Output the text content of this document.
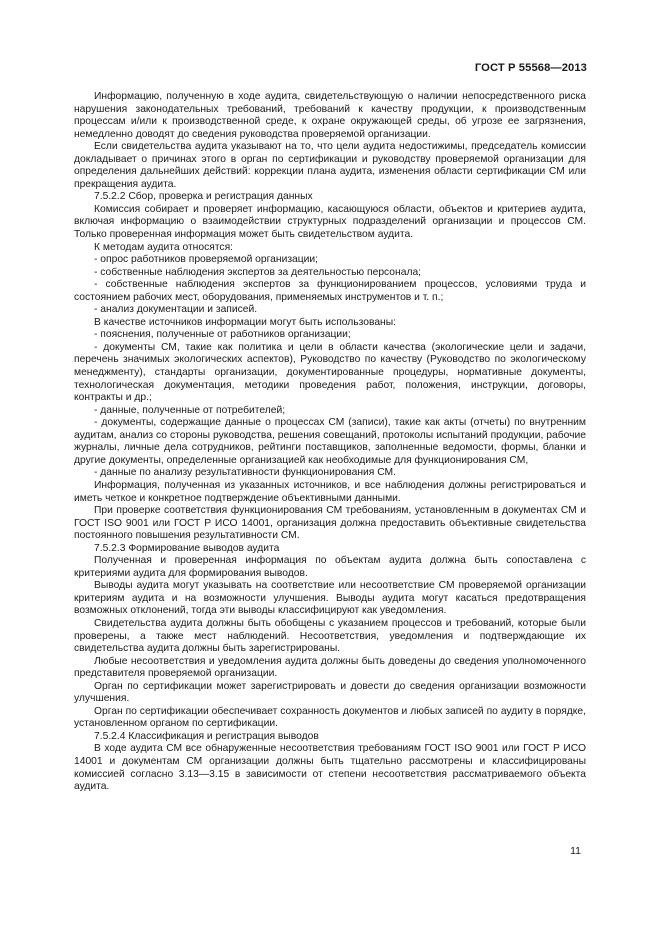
ГОСТ Р 55568—2013

Информацию, полученную в ходе аудита, свидетельствующую о наличии непосредственного риска нарушения законодательных требований, требований к качеству продукции, к производственным процессам и/или к производственной среде, к охране окружающей среды, об угрозе ее загрязнения, немедленно доводят до сведения руководства проверяемой организации.

Если свидетельства аудита указывают на то, что цели аудита недостижимы, председатель комиссии докладывает о причинах этого в орган по сертификации и руководству проверяемой организации для определения дальнейших действий: коррекции плана аудита, изменения области сертификации СМ или прекращения аудита.

7.5.2.2 Сбор, проверка и регистрация данных

Комиссия собирает и проверяет информацию, касающуюся области, объектов и критериев аудита, включая информацию о взаимодействии структурных подразделений организации и процессов СМ. Только проверенная информация может быть свидетельством аудита.

К методам аудита относятся:

- опрос работников проверяемой организации;

- собственные наблюдения экспертов за деятельностью персонала;

- собственные наблюдения экспертов за функционированием процессов, условиями труда и состоянием рабочих мест, оборудования, применяемых инструментов и т. п.;

- анализ документации и записей.

В качестве источников информации могут быть использованы:

- пояснения, полученные от работников организации;

- документы СМ, такие как политика и цели в области качества (экологические цели и задачи, перечень значимых экологических аспектов), Руководство по качеству (Руководство по экологическому менеджменту), стандарты организации, документированные процедуры, нормативные документы, технологическая документация, методики проведения работ, положения, инструкции, договоры, контракты и др.;

- данные, полученные от потребителей;

- документы, содержащие данные о процессах СМ (записи), такие как акты (отчеты) по внутренним аудитам, анализ со стороны руководства, решения совещаний, протоколы испытаний продукции, рабочие журналы, личные дела сотрудников, рейтинги поставщиков, заполненные ведомости, формы, бланки и другие документы, определенные организацией как необходимые для функционирования СМ,

- данные по анализу результативности функционирования СМ.

Информация, полученная из указанных источников, и все наблюдения должны регистрироваться и иметь четкое и конкретное подтверждение объективными данными.

При проверке соответствия функционирования СМ требованиям, установленным в документах СМ и ГОСТ ISO 9001 или ГОСТ Р ИСО 14001, организация должна предоставить объективные свидетельства постоянного повышения результативности СМ.

7.5.2.3 Формирование выводов аудита

Полученная и проверенная информация по объектам аудита должна быть сопоставлена с критериями аудита для формирования выводов.

Выводы аудита могут указывать на соответствие или несоответствие СМ проверяемой организации критериям аудита и на возможности улучшения. Выводы аудита могут касаться предотвращения возможных отклонений, тогда эти выводы классифицируют как уведомления.

Свидетельства аудита должны быть обобщены с указанием процессов и требований, которые были проверены, а также мест наблюдений. Несоответствия, уведомления и подтверждающие их свидетельства аудита должны быть зарегистрированы.

Любые несоответствия и уведомления аудита должны быть доведены до сведения уполномоченного представителя проверяемой организации.

Орган по сертификации может зарегистрировать и довести до сведения организации возможности улучшения.

Орган по сертификации обеспечивает сохранность документов и любых записей по аудиту в порядке, установленном органом по сертификации.

7.5.2.4 Классификация и регистрация выводов

В ходе аудита СМ все обнаруженные несоответствия требованиям ГОСТ ISO 9001 или ГОСТ Р ИСО 14001 и документам СМ организации должны быть тщательно рассмотрены и классифицированы комиссией согласно 3.13—3.15 в зависимости от степени несоответствия рассматриваемого объекта аудита.

11
